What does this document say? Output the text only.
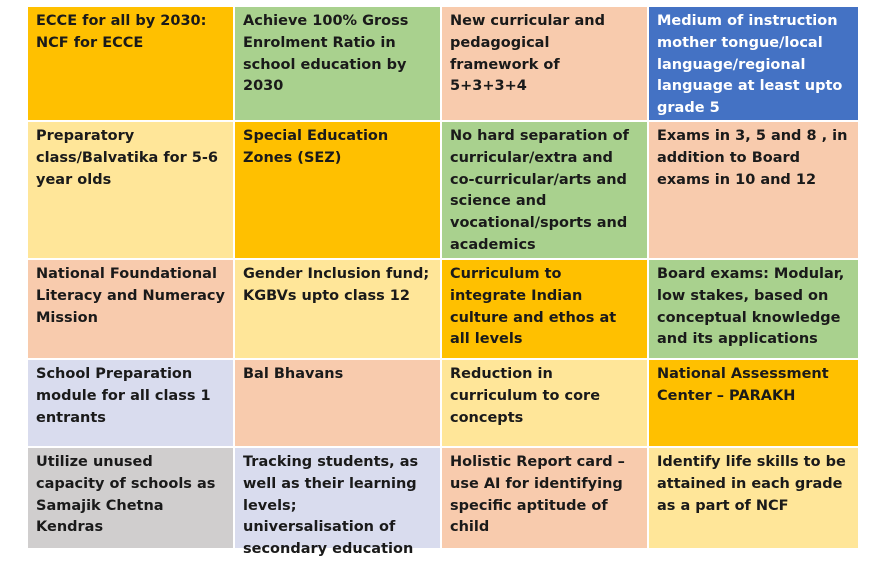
ECCE for all by 2030: NCF for ECCE
Achieve 100% Gross Enrolment Ratio in school education by 2030
New curricular and pedagogical framework of 5+3+3+4
Medium of instruction mother tongue/local language/regional language at least upto grade 5
Preparatory class/Balvatika for 5-6 year olds
Special Education Zones (SEZ)
No hard separation of curricular/extra and co-curricular/arts and science and vocational/sports and academics
Exams in 3, 5 and 8 , in addition to Board exams in 10 and 12
National Foundational Literacy and Numeracy Mission
Gender Inclusion fund; KGBVs upto class 12
Curriculum to integrate Indian culture and ethos at all levels
Board exams: Modular, low stakes, based on conceptual knowledge and its applications
School Preparation module for all class 1 entrants
Bal Bhavans	Reduction in curriculum to core concepts
National Assessment Center – PARAKH
Utilize unused capacity of schools as Samajik Chetna Kendras
Tracking students, as well as their learning levels; universalisation of secondary education
Holistic Report card – use AI for identifying specific aptitude of child
Identify life skills to be attained in each grade as a part of NCF
